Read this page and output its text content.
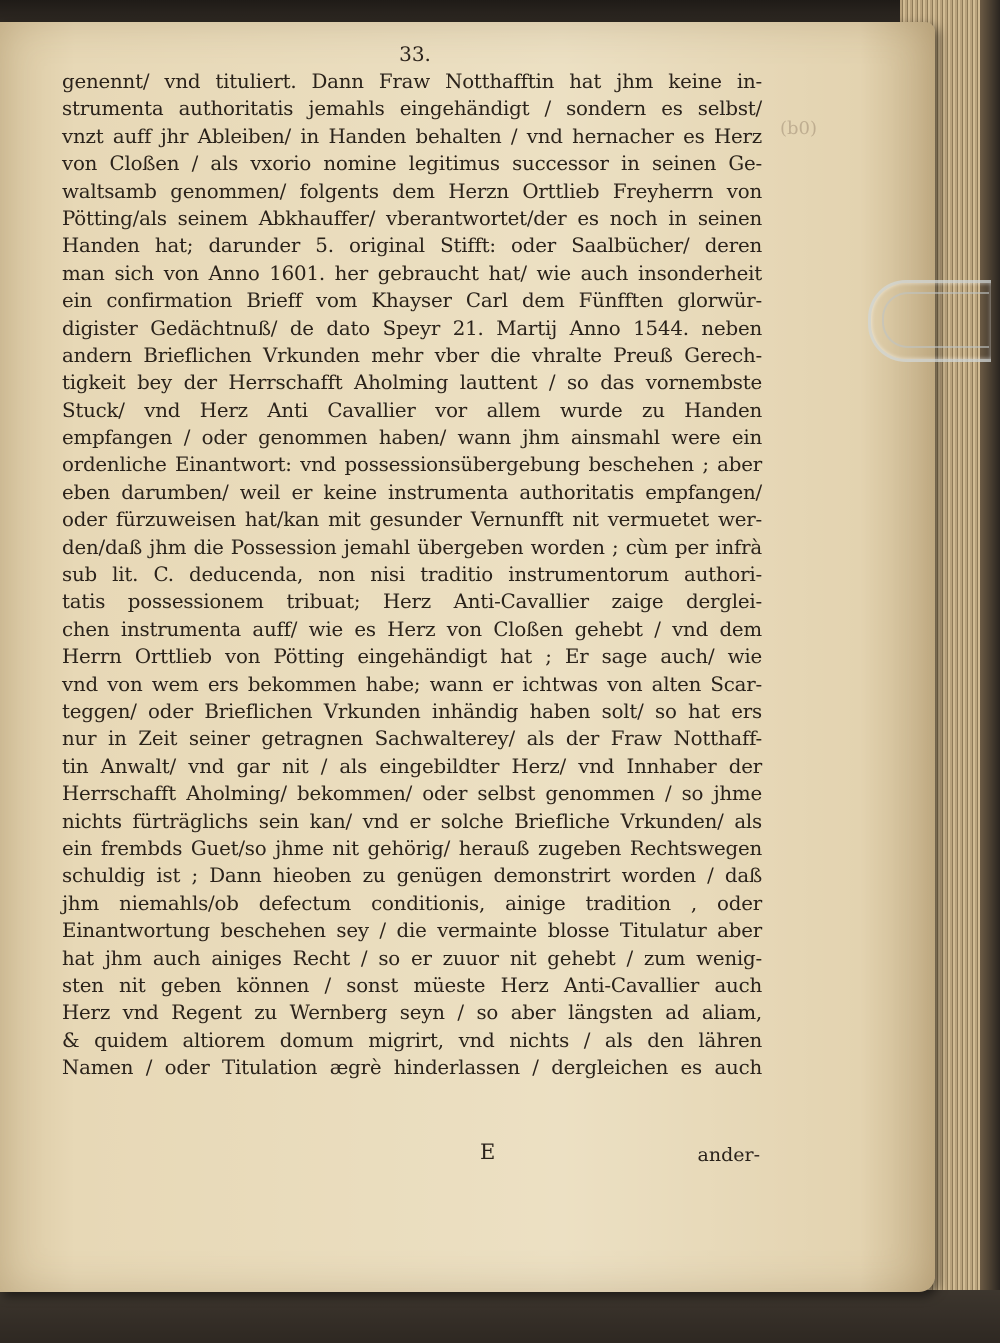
(b0)
33.
genennt/ vnd tituliert. Dann Fraw Notthafftin hat jhm keine in-
strumenta authoritatis jemahls eingehändigt / sondern es selbst/
vnzt auff jhr Ableiben/ in Handen behalten / vnd hernacher es Herz
von Cloßen / als vxorio nomine legitimus successor in seinen Ge-
waltsamb genommen/ folgents dem Herzn Orttlieb Freyherrn von
Pötting/als seinem Abkhauffer/ vberantwortet/der es noch in seinen
Handen hat; darunder 5. original Stifft: oder Saalbücher/ deren
man sich von Anno 1601. her gebraucht hat/ wie auch insonderheit
ein confirmation Brieff vom Khayser Carl dem Fünfften glorwür-
digister Gedächtnuß/ de dato Speyr 21. Martij Anno 1544. neben
andern Brieflichen Vrkunden mehr vber die vhralte Preuß Gerech-
tigkeit bey der Herrschafft Aholming lauttent / so das vornembste
Stuck/ vnd Herz Anti Cavallier vor allem wurde zu Handen
empfangen / oder genommen haben/ wann jhm ainsmahl were ein
ordenliche Einantwort: vnd possessionsübergebung beschehen ; aber
eben darumben/ weil er keine instrumenta authoritatis empfangen/
oder fürzuweisen hat/kan mit gesunder Vernunfft nit vermuetet wer-
den/daß jhm die Possession jemahl übergeben worden ; cùm per infrà
sub lit. C. deducenda, non nisi traditio instrumentorum authori-
tatis possessionem tribuat; Herz Anti-Cavallier zaige derglei-
chen instrumenta auff/ wie es Herz von Cloßen gehebt / vnd dem
Herrn Orttlieb von Pötting eingehändigt hat ; Er sage auch/ wie
vnd von wem ers bekommen habe; wann er ichtwas von alten Scar-
teggen/ oder Brieflichen Vrkunden inhändig haben solt/ so hat ers
nur in Zeit seiner getragnen Sachwalterey/ als der Fraw Notthaff-
tin Anwalt/ vnd gar nit / als eingebildter Herz/ vnd Innhaber der
Herrschafft Aholming/ bekommen/ oder selbst genommen / so jhme
nichts fürträglichs sein kan/ vnd er solche Briefliche Vrkunden/ als
ein frembds Guet/so jhme nit gehörig/ herauß zugeben Rechtswegen
schuldig ist ; Dann hieoben zu genügen demonstrirt worden / daß
jhm niemahls/ob defectum conditionis, ainige tradition , oder
Einantwortung beschehen sey / die vermainte blosse Titulatur aber
hat jhm auch ainiges Recht / so er zuuor nit gehebt / zum wenig-
sten nit geben können / sonst müeste Herz Anti-Cavallier auch
Herz vnd Regent zu Wernberg seyn / so aber längsten ad aliam,
& quidem altiorem domum migrirt, vnd nichts / als den lähren
Namen / oder Titulation ægrè hinderlassen / dergleichen es auch
E	ander-
